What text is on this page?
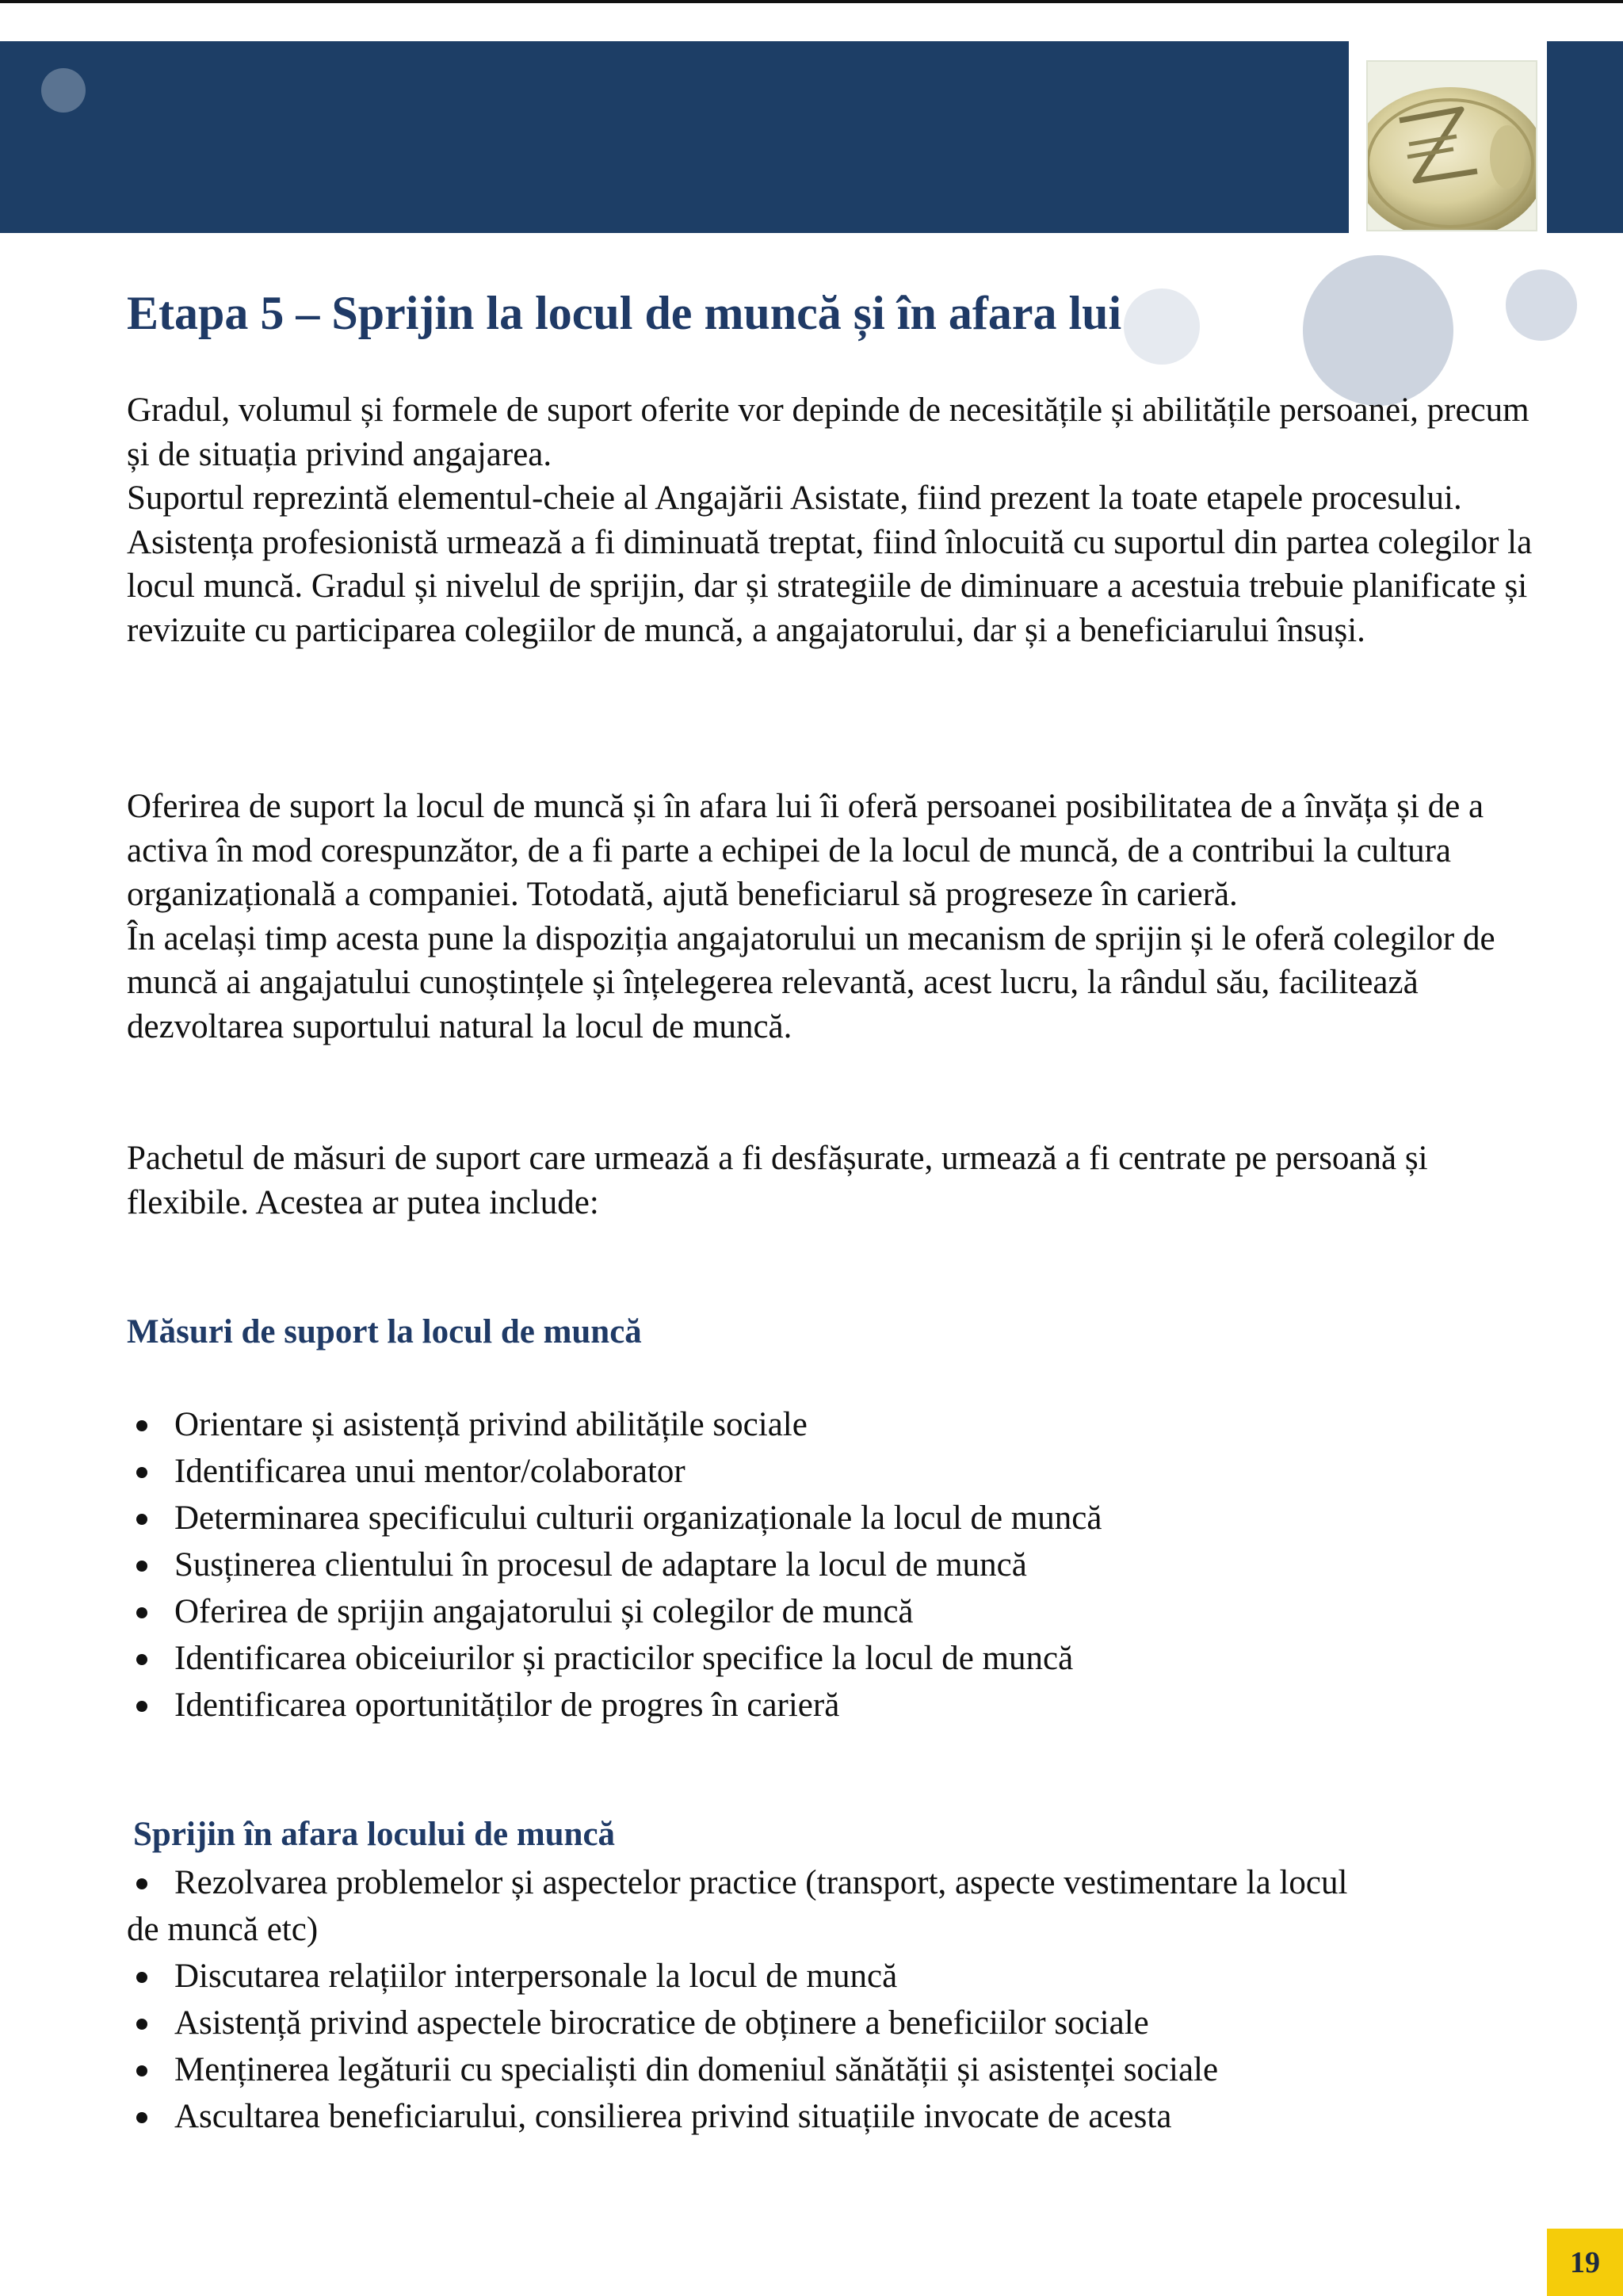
Etapa 5 – Sprijin la locul de muncă și în afara lui

Gradul, volumul și formele de suport oferite vor depinde de necesitățile și abilitățile persoanei, precum și de situația privind angajarea.

Suportul reprezintă elementul-cheie al Angajării Asistate, fiind prezent la toate etapele procesului.

Asistența profesionistă urmează a fi diminuată treptat, fiind înlocuită cu suportul din partea colegilor la locul muncă. Gradul și nivelul de sprijin, dar și strategiile de diminuare a acestuia trebuie planificate și revizuite cu participarea colegiilor de muncă, a angajatorului, dar și a beneficiarului însuși.

Oferirea de suport la locul de muncă și în afara lui îi oferă persoanei posibilitatea de a învăța și de a activa în mod corespunzător, de a fi parte a echipei de la locul de muncă, de a contribui la cultura organizațională a companiei. Totodată, ajută beneficiarul să progreseze în carieră.

În același timp acesta pune la dispoziția angajatorului un mecanism de sprijin și le oferă colegilor de muncă ai angajatului cunoștințele și înțelegerea relevantă, acest lucru, la rândul său, facilitează dezvoltarea suportului natural la locul de muncă.

Pachetul de măsuri de suport care urmează a fi desfășurate, urmează a fi centrate pe persoană și flexibile. Acestea ar putea include:

Măsuri de suport la locul de muncă
Orientare și asistență privind abilitățile sociale
Identificarea unui mentor/colaborator
Determinarea specificului culturii organizaționale la locul de muncă
Susținerea clientului în procesul de adaptare la locul de muncă
Oferirea de sprijin angajatorului și colegilor de muncă
Identificarea obiceiurilor și practicilor specifice la locul de muncă
Identificarea oportunităților de progres în carieră
Sprijin în afara locului de muncă
Rezolvarea problemelor și aspectelor practice (transport, aspecte vestimentare la locul
de muncă etc)
Discutarea relațiilor interpersonale la locul de muncă
Asistență privind aspectele birocratice de obținere a beneficiilor sociale
Menținerea legăturii cu specialiști din domeniul sănătății și asistenței sociale
Ascultarea beneficiarului, consilierea privind situațiile invocate de acesta
19
